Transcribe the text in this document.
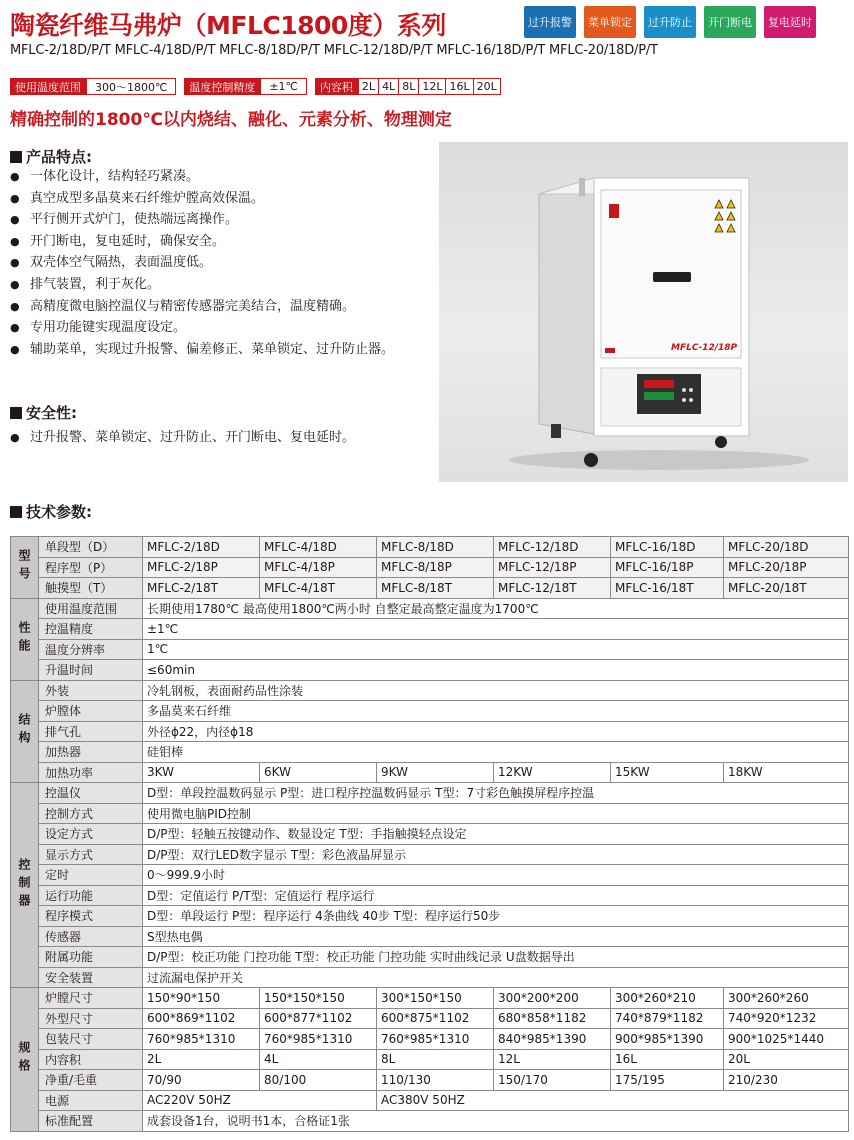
陶瓷纤维马弗炉（MFLC1800度）系列	过升报警	菜单锁定	过升防止	开门断电	复电延时
MFLC-2/18D/P/T MFLC-4/18D/P/T MFLC-8/18D/P/T MFLC-12/18D/P/T MFLC-16/18D/P/T MFLC-20/18D/P/T
使用温度范围	300～1800℃	温度控制精度	±1℃	内容积 2L 4L 8L 12L 16L 20L
精确控制的1800℃以内烧结、融化、元素分析、物理测定
产品特点:
● 一体化设计，结构轻巧紧凑。
● 真空成型多晶莫来石纤维炉膛高效保温。
● 平行侧开式炉门，使热端远离操作。
● 开门断电，复电延时，确保安全。
● 双壳体空气隔热，表面温度低。
● 排气装置，利于灰化。
● 高精度微电脑控温仪与精密传感器完美结合，温度精确。
● 专用功能键实现温度设定。
● 辅助菜单，实现过升报警、偏差修正、菜单锁定、过升防止器。
安全性:
● 过升报警、菜单锁定、过升防止、开门断电、复电延时。
MFLC-12/18P
技术参数:
型号	单段型（D）	MFLC-2/18D	MFLC-4/18D	MFLC-8/18D	MFLC-12/18D	MFLC-16/18D	MFLC-20/18D
	程序型（P）	MFLC-2/18P	MFLC-4/18P	MFLC-8/18P	MFLC-12/18P	MFLC-16/18P	MFLC-20/18P
	触摸型（T）	MFLC-2/18T	MFLC-4/18T	MFLC-8/18T	MFLC-12/18T	MFLC-16/18T	MFLC-20/18T
性能	使用温度范围	长期使用1780℃ 最高使用1800℃两小时 自整定最高整定温度为1700℃					
	控温精度	±1℃					
	温度分辨率	1℃					
	升温时间	≤60min					
结构	外装	冷轧钢板，表面耐药品性涂装					
	炉膛体	多晶莫来石纤维					
	排气孔	外径ϕ22，内径ϕ18					
	加热器	硅钼棒					
	加热功率	3KW	6KW	9KW	12KW	15KW	18KW
控制器	控温仪	D型：单段控温数码显示 P型：进口程序控温数码显示 T型：7寸彩色触摸屏程序控温					
	控制方式	使用微电脑PID控制					
	设定方式	D/P型：轻触五按键动作、数显设定 T型：手指触摸轻点设定					
	显示方式	D/P型：双行LED数字显示 T型：彩色液晶屏显示					
	定时	0～999.9小时					
	运行功能	D型：定值运行 P/T型：定值运行 程序运行					
	程序模式	D型：单段运行 P型：程序运行 4条曲线 40步 T型：程序运行50步					
	传感器	S型热电偶					
	附属功能	D/P型：校正功能 门控功能 T型：校正功能 门控功能 实时曲线记录 U盘数据导出					
	安全装置	过流漏电保护开关					
规格	炉膛尺寸	150*90*150	150*150*150	300*150*150	300*200*200	300*260*210	300*260*260
	外型尺寸	600*869*1102	600*877*1102	600*875*1102	680*858*1182	740*879*1182	740*920*1232
	包装尺寸	760*985*1310	760*985*1310	760*985*1310	840*985*1390	900*985*1390	900*1025*1440
	内容积	2L	4L	8L	12L	16L	20L
	净重/毛重	70/90	80/100	110/130	150/170	175/195	210/230
	电源	AC220V 50HZ		AC380V 50HZ			
	标准配置	成套设备1台，说明书1本，合格证1张					
